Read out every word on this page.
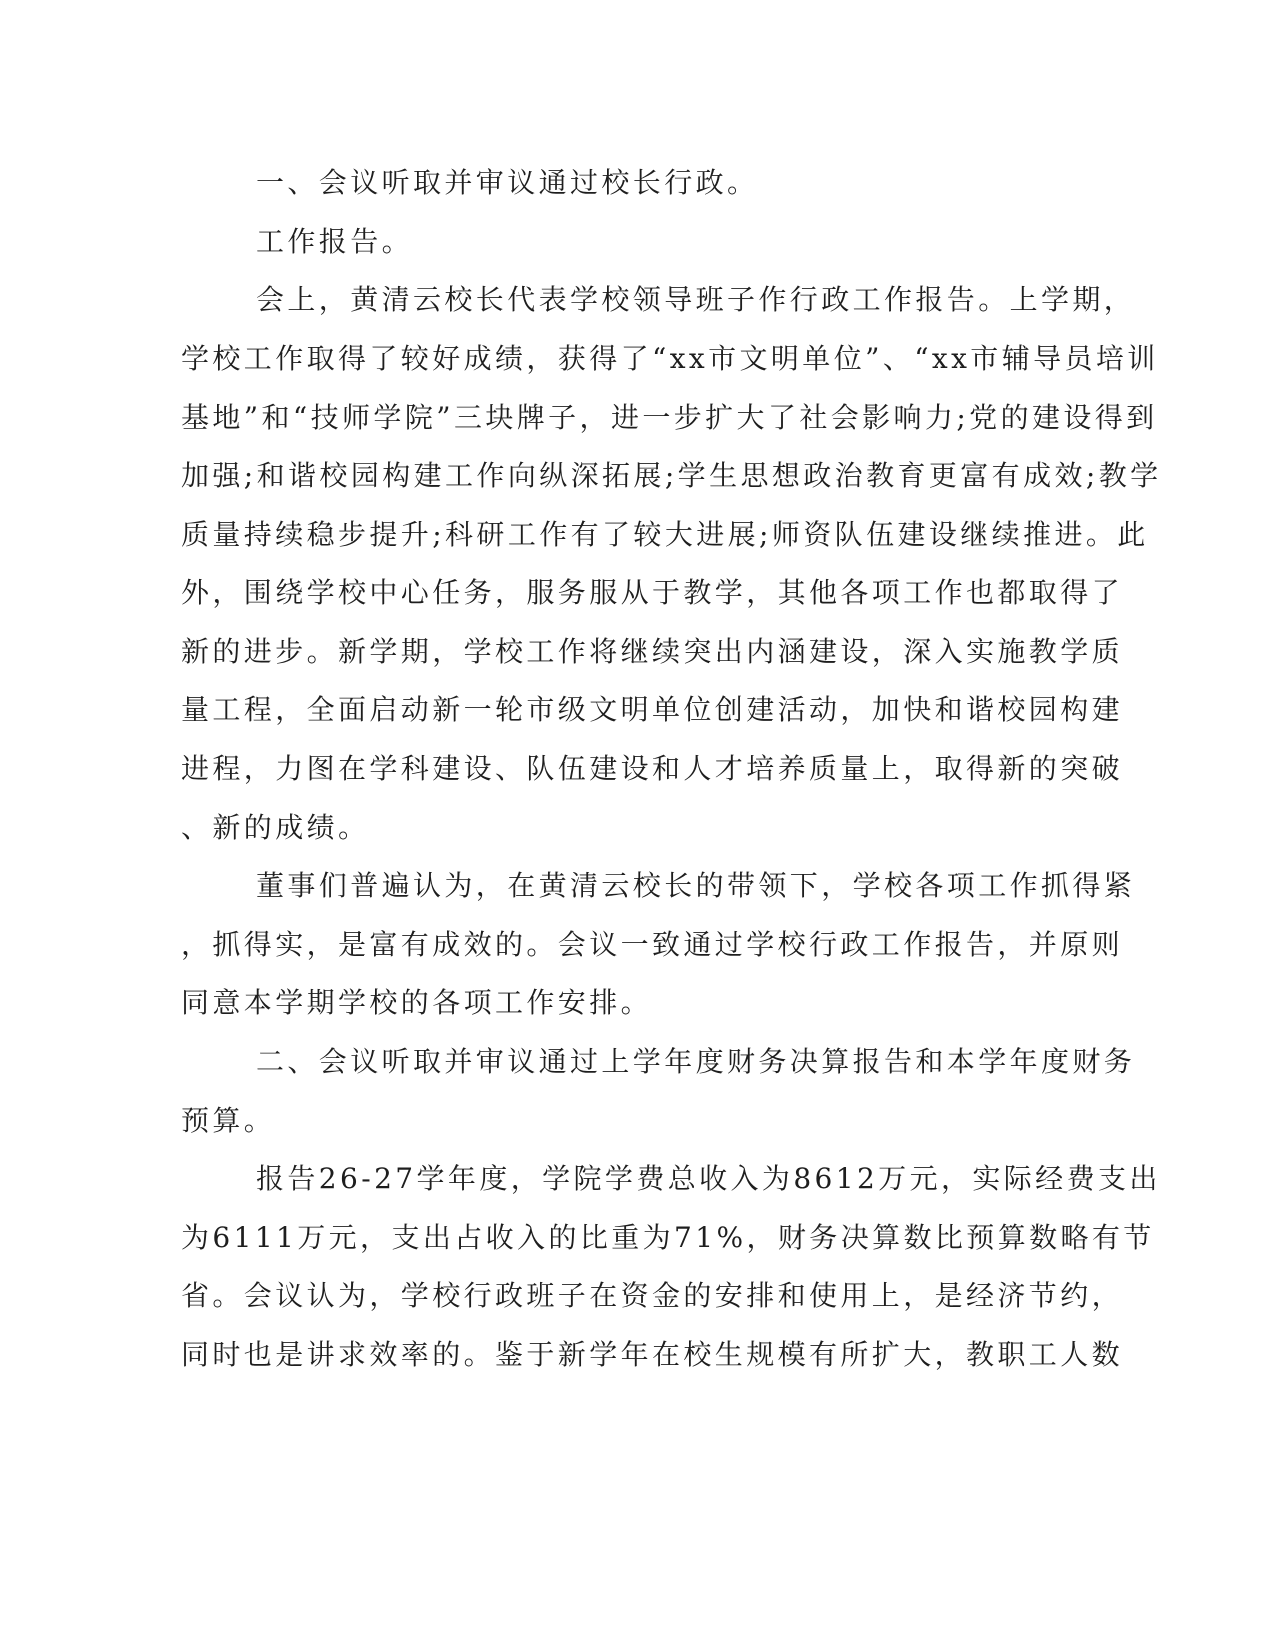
一、会议听取并审议通过校长行政。

工作报告。

会上，黄清云校长代表学校领导班子作行政工作报告。上学期，

学校工作取得了较好成绩，获得了“xx市文明单位”、“xx市辅导员培训

基地”和“技师学院”三块牌子，进一步扩大了社会影响力;党的建设得到

加强;和谐校园构建工作向纵深拓展;学生思想政治教育更富有成效;教学

质量持续稳步提升;科研工作有了较大进展;师资队伍建设继续推进。此

外，围绕学校中心任务，服务服从于教学，其他各项工作也都取得了

新的进步。新学期，学校工作将继续突出内涵建设，深入实施教学质

量工程，全面启动新一轮市级文明单位创建活动，加快和谐校园构建

进程，力图在学科建设、队伍建设和人才培养质量上，取得新的突破

、新的成绩。

董事们普遍认为，在黄清云校长的带领下，学校各项工作抓得紧

，抓得实，是富有成效的。会议一致通过学校行政工作报告，并原则

同意本学期学校的各项工作安排。

二、会议听取并审议通过上学年度财务决算报告和本学年度财务

预算。

报告26-27学年度，学院学费总收入为8612万元，实际经费支出

为6111万元，支出占收入的比重为71%，财务决算数比预算数略有节

省。会议认为，学校行政班子在资金的安排和使用上，是经济节约，

同时也是讲求效率的。鉴于新学年在校生规模有所扩大，教职工人数
